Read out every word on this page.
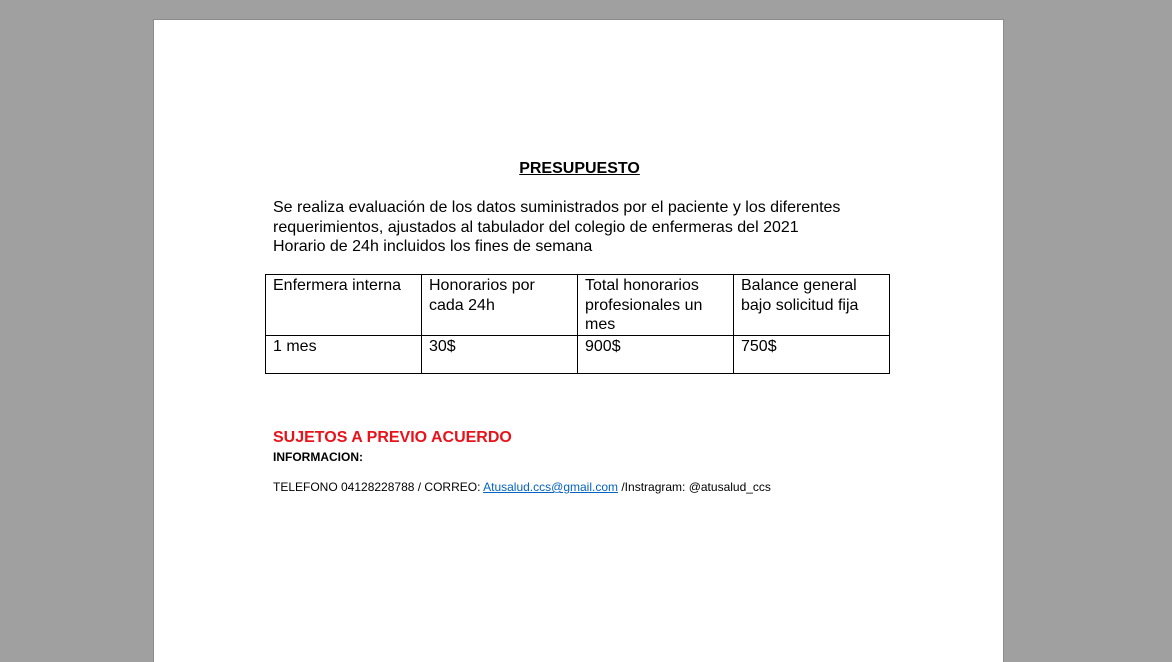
PRESUPUESTO
Se realiza evaluación de los datos suministrados por el paciente y los diferentes
requerimientos, ajustados al tabulador del colegio de enfermeras del 2021
Horario de 24h incluidos los fines de semana
Enfermera interna	Honorarios por cada 24h	Total honorarios profesionales un mes	Balance general bajo solicitud fija
1 mes	30$	900$	750$
SUJETOS A PREVIO ACUERDO
INFORMACION:
TELEFONO 04128228788 / CORREO: Atusalud.ccs@gmail.com /Instragram: @atusalud_ccs
